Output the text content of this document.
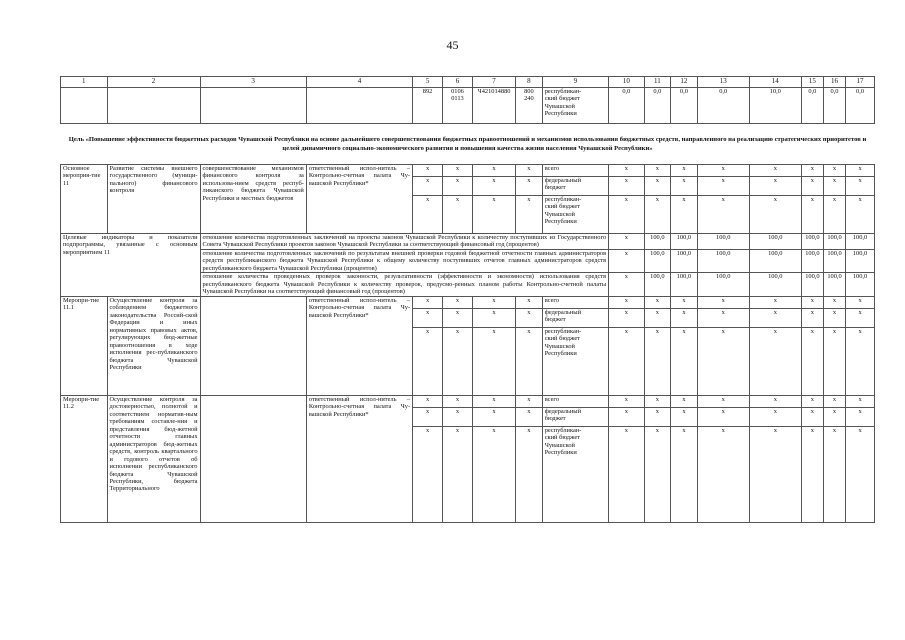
45
1	2	3	4	5	6	7	8	9	10	11	12	13	14	15	16	17
				892	0106
0113	Ч421014880	800
240	республикан-
ский бюджет
Чувашской
Республики	0,0	0,0	0,0	0,0	10,0	0,0	0,0	0,0
Цель «Повышение эффективности бюджетных расходов Чувашской Республики на основе дальнейшего совершенствования бюджетных правоотношений и механизмов использования бюджетных средств, направленного на реализацию стратегических приоритетов и целей динамичного социально-экономического развития и повышения качества жизни населения Чувашской Республики»																
Основное мероприя-тие 11	Развитие системы внешнего государственного (муници-пального) финансового контроля	совершенствование механизмов финансового контроля за использова-нием средств респуб-ликанского бюджета Чувашской Республики и местных бюджетов	ответственный испол-нитель – Контрольно-счетная палата Чу-вашской Республики*	х	х	х	х	всего	х	х	х	х	х	х	х	х
				х	х	х	х	федеральный
бюджет	х	х	х	х	х	х	х	х
				х	х	х	х	республикан-
ский бюджет
Чувашской
Республики	х	х	х	х	х	х	х	х
Целевые индикаторы и показатели подпрограммы, увязанные с основным мероприятием 11		отношение количества подготовленных заключений на проекты законов Чувашской Республики к количеству поступивших из Государственного Совета Чувашской Республики проектов законов Чувашской Республики за соответствующий финансовый год (процентов)							х	100,0	100,0	100,0	100,0	100,0	100,0	100,0
		отношение количества подготовленных заключений по результатам внешней проверки годовой бюджетной отчетности главных администраторов средств республиканского бюджета Чувашской Республики к общему количеству поступивших отчетов главных администраторов средств республиканского бюджета Чувашской Республики (процентов)							х	100,0	100,0	100,0	100,0	100,0	100,0	100,0
		отношение количества проведенных проверок законности, результативности (эффективности и экономности) использования средств республиканского бюджета Чувашской Республики к количеству проверок, предусмо-ренных планом работы Контрольно-счетной палаты Чувашской Республики на соответствующий финансовый год (процентов)							х	100,0	100,0	100,0	100,0	100,0	100,0	100,0
Меропри-тие 11.1	Осуществление контроля за соблюдением бюджетного законодательства Россий-ской Федерации и иных нормативных правовых актов, регулирующих бюд-жетные правоотношения в ходе исполнения рес-публиканского бюджета Чувашской Республики		ответственный испол-нитель – Контрольно-счетная палата Чу-вашской Республики*	х	х	х	х	всего	х	х	х	х	х	х	х	х
				х	х	х	х	федеральный
бюджет	х	х	х	х	х	х	х	х
				х	х	х	х	республикан-
ский бюджет
Чувашской
Республики	х	х	х	х	х	х	х	х
Меропри-тие 11.2	Осуществление контроля за достоверностью, полнотой и соответствием норматив-ным требованиям составле-ния и представления бюд-жетной отчетности главных администраторов бюд-жетных средств, контроль квартального и годового отчетов об исполнении республиканского бюджета Чувашской Республики, бюджета Территориального		ответственный испол-нитель – Контрольно-счетная палата Чу-вашской Республики*	х	х	х	х	всего	х	х	х	х	х	х	х	х
				х	х	х	х	федеральный
бюджет	х	х	х	х	х	х	х	х
				х	х	х	х	республикан-
ский бюджет
Чувашской
Республики	х	х	х	х	х	х	х	х
